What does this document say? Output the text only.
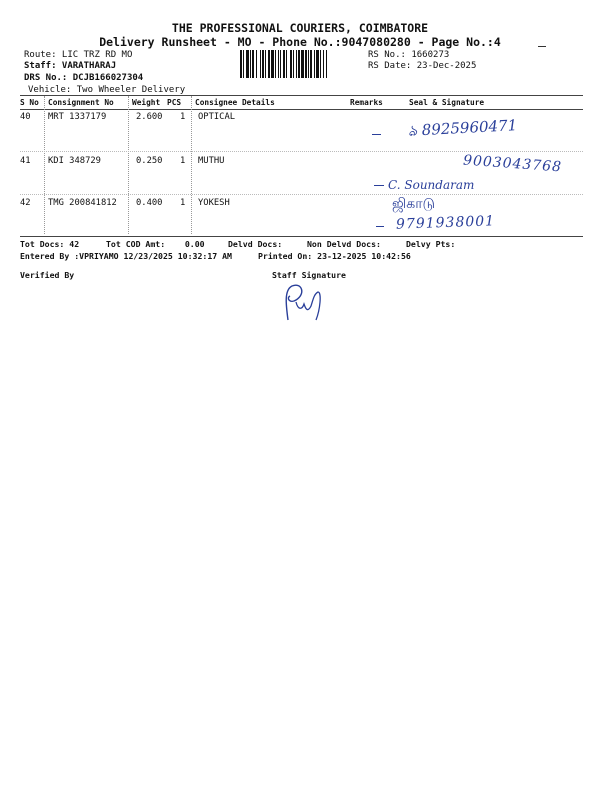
THE PROFESSIONAL COURIERS, COIMBATORE
Delivery Runsheet - MO - Phone No.:9047080280 - Page No.:4
Route: LIC TRZ RD MO
Staff: VARATHARAJ
DRS No.: DCJB166027304
Vehicle: Two Wheeler Delivery
RS No.: 1660273
RS Date: 23-Dec-2025
S No Consignment No Weight PCS Consignee Details	Remarks	Seal & Signature
40 MRT 1337179	2.600 1 OPTICAL
ঌ 8925960471
41 KDI 348729	0.250 1 MUTHU	9003043768
C. Soundaram
42 TMG 200841812 0.400 1 YOKESH	ஜிகாடு
9791938001
Tot Docs: 42	Tot COD Amt:    0.00	Delvd Docs:	Non Delvd Docs:	Delvy Pts:
Entered By :VPRIYAMO 12/23/2025 10:32:17 AM	Printed On: 23-12-2025 10:42:56
Verified By	Staff Signature
Pew
